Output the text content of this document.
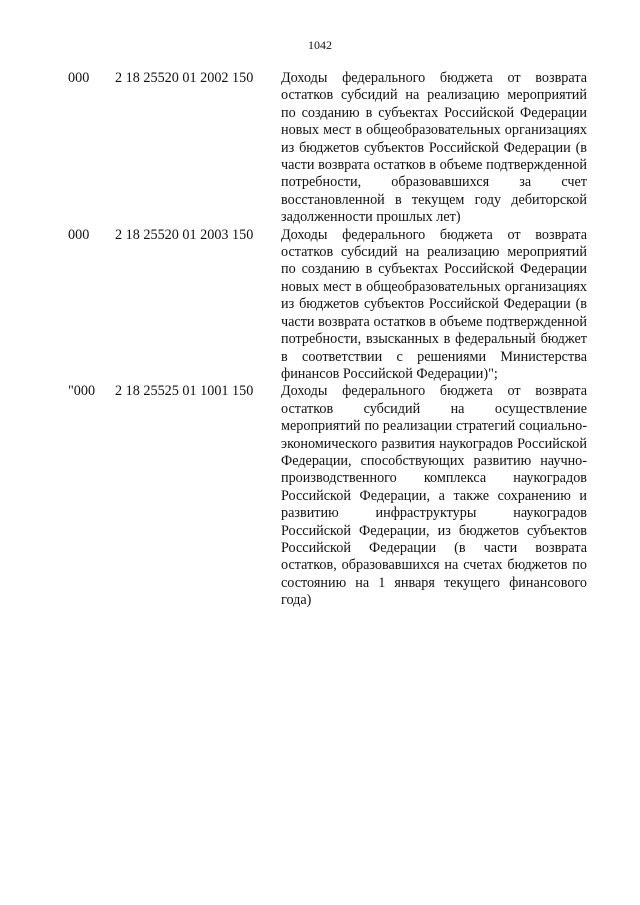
1042
000 2 18 25520 01 2002 150 Доходы федерального бюджета от возврата остатков субсидий на реализацию мероприятий по созданию в субъектах Российской Федерации новых мест в общеобразовательных организациях из бюджетов субъектов Российской Федерации (в части возврата остатков в объеме подтвержденной потребности, образовавшихся за счет восстановленной в текущем году дебиторской задолженности прошлых лет)
000 2 18 25520 01 2003 150 Доходы федерального бюджета от возврата остатков субсидий на реализацию мероприятий по созданию в субъектах Российской Федерации новых мест в общеобразовательных организациях из бюджетов субъектов Российской Федерации (в части возврата остатков в объеме подтвержденной потребности, взысканных в федеральный бюджет в соответствии с решениями Министерства финансов Российской Федерации)";
"000 2 18 25525 01 1001 150 Доходы федерального бюджета от возврата остатков субсидий на осуществление мероприятий по реализации стратегий социально-экономического развития наукоградов Российской Федерации, способствующих развитию научно-производственного комплекса наукоградов Российской Федерации, а также сохранению и развитию инфраструктуры наукоградов Российской Федерации, из бюджетов субъектов Российской Федерации (в части возврата остатков, образовавшихся на счетах бюджетов по состоянию на 1 января текущего финансового года)
